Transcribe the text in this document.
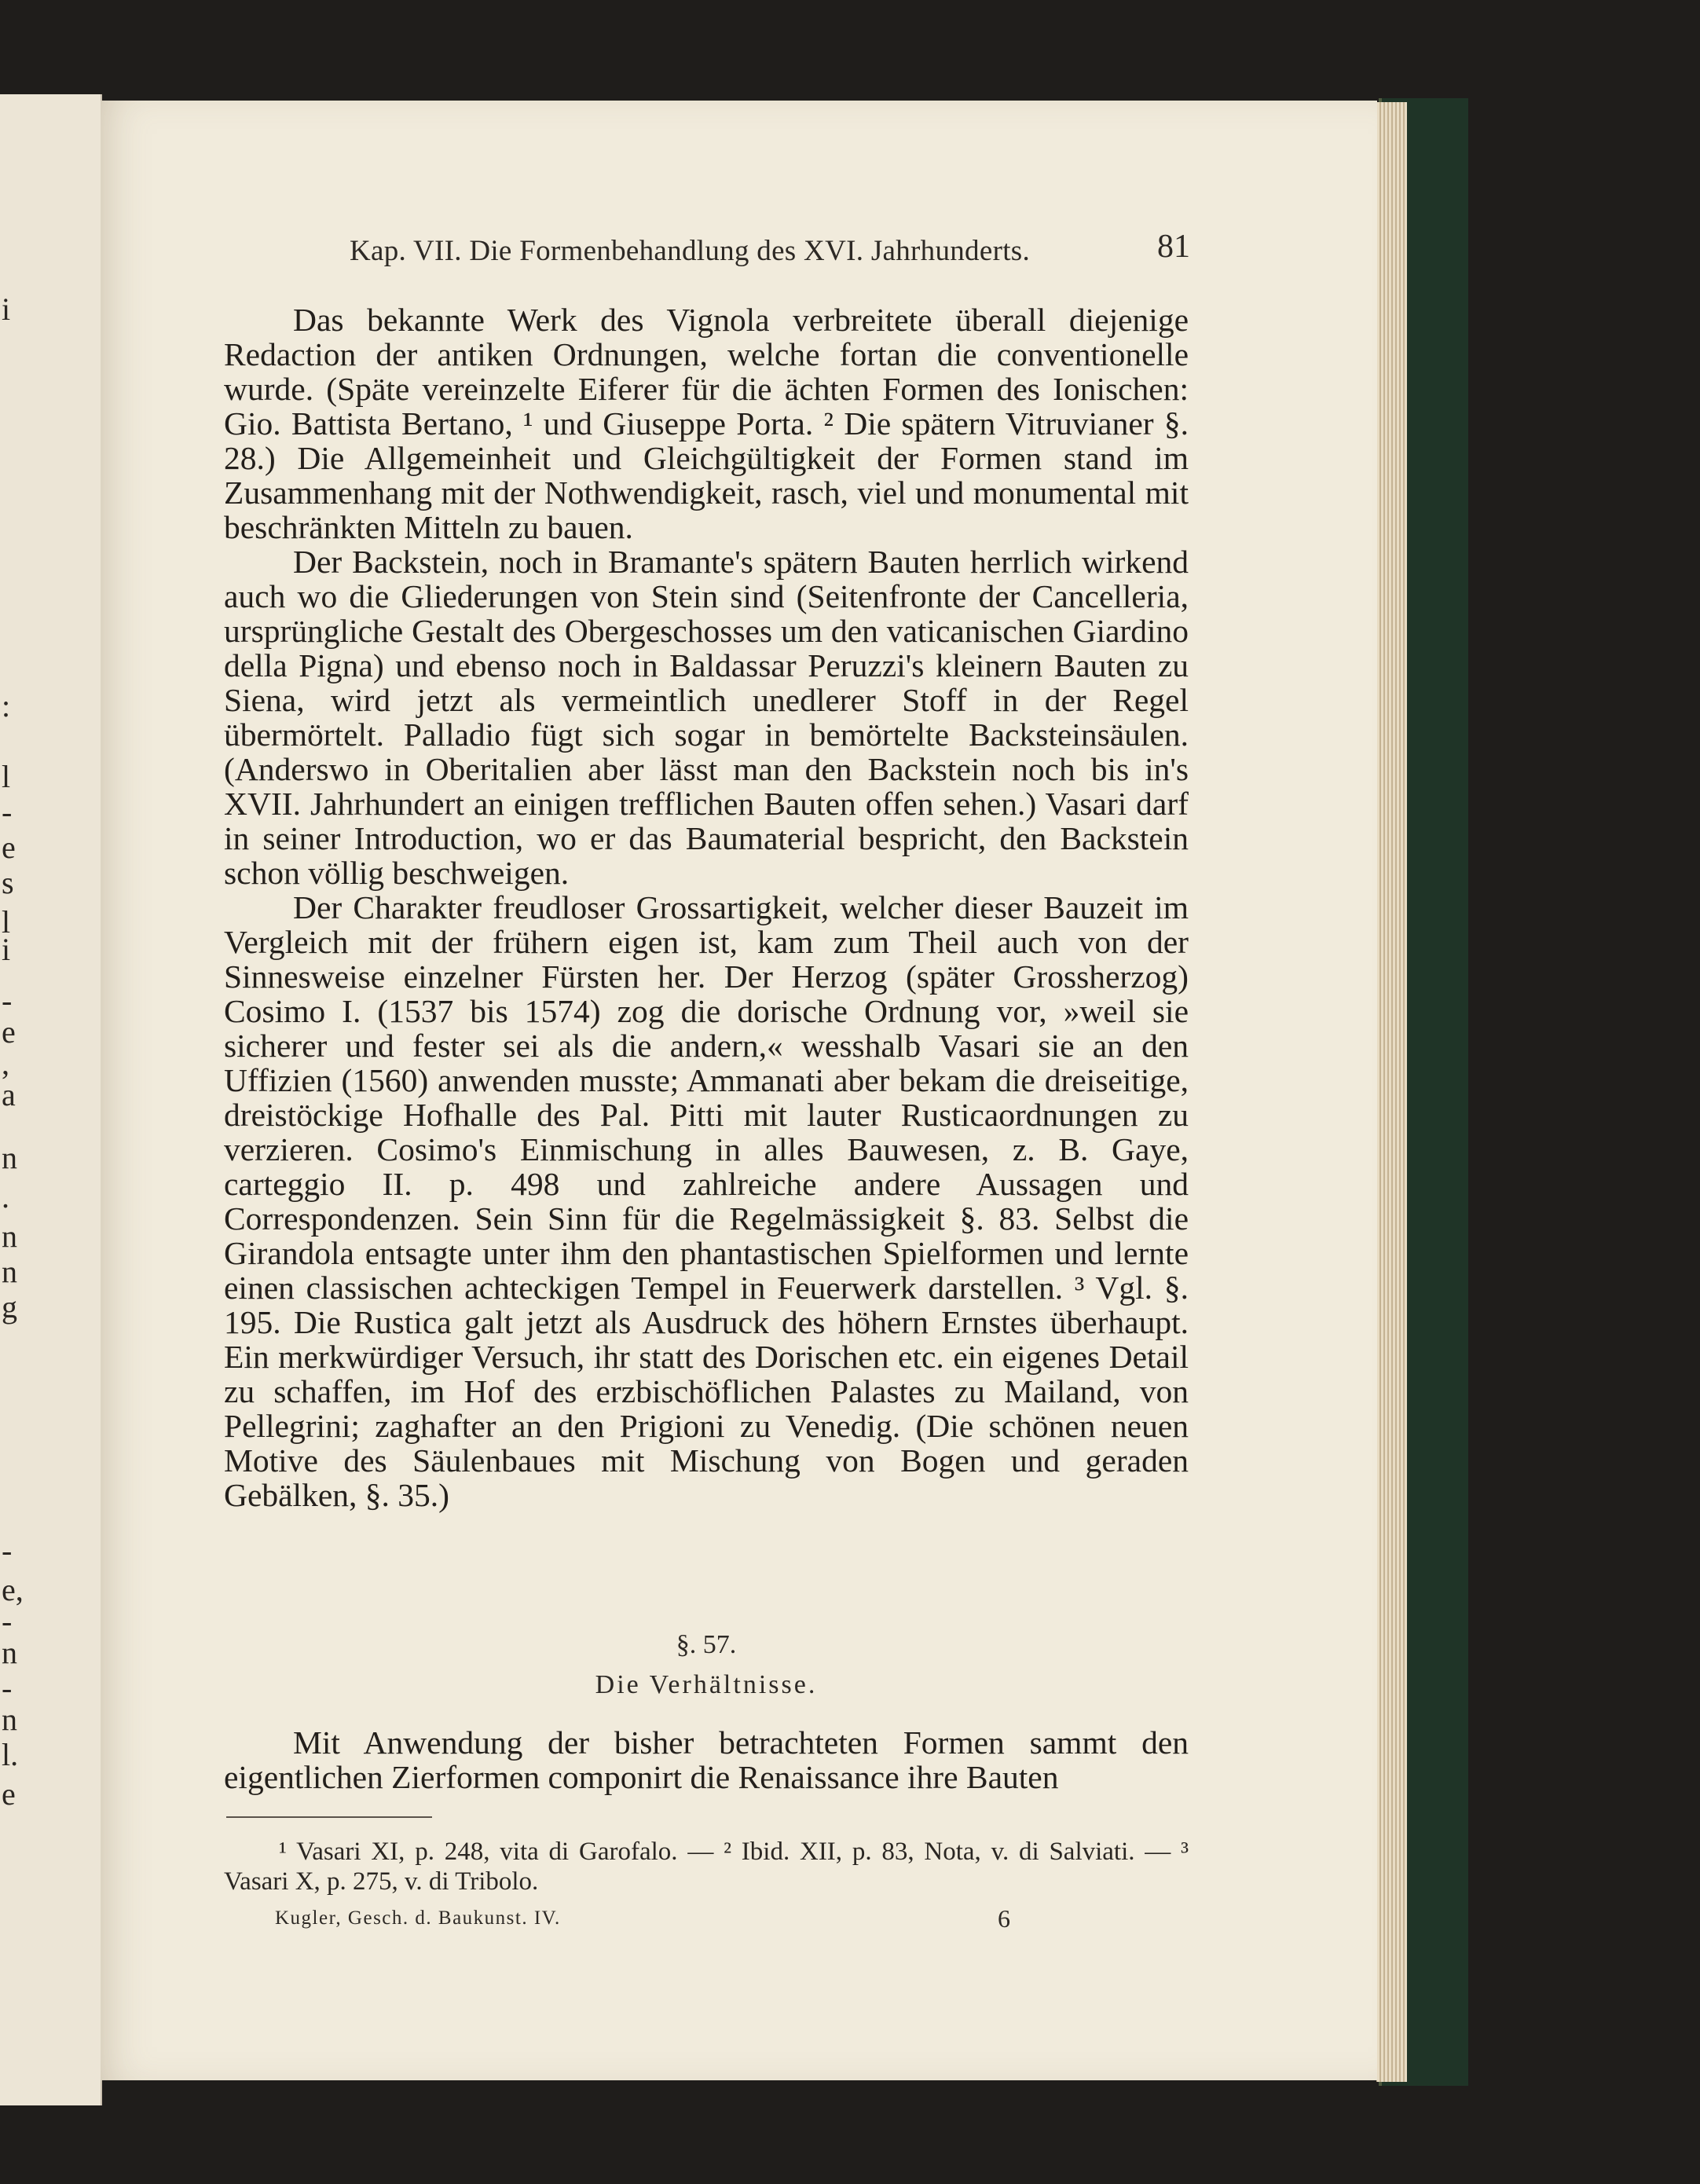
i
:
l
-
e
s
l
i
-
e
,
a
n
.
n
n
g
-
e,
-
n
-
n
l.
e
Kap. VII. Die Formenbehandlung des XVI. Jahrhunderts.	81

Das bekannte Werk des Vignola verbreitete überall diejenige Redaction der antiken Ordnungen, welche fortan die conventionelle wurde. (Späte vereinzelte Eiferer für die ächten Formen des Ionischen: Gio. Battista Bertano, ¹ und Giuseppe Porta. ² Die spätern Vitruvianer §. 28.) Die Allgemeinheit und Gleichgültigkeit der Formen stand im Zusammenhang mit der Nothwendigkeit, rasch, viel und monumental mit beschränkten Mitteln zu bauen.

Der Backstein, noch in Bramante's spätern Bauten herrlich wirkend auch wo die Gliederungen von Stein sind (Seitenfronte der Cancelleria, ursprüngliche Gestalt des Obergeschosses um den vaticanischen Giardino della Pigna) und ebenso noch in Baldassar Peruzzi's kleinern Bauten zu Siena, wird jetzt als vermeintlich unedlerer Stoff in der Regel übermörtelt. Palladio fügt sich sogar in bemörtelte Backsteinsäulen. (Anderswo in Oberitalien aber lässt man den Backstein noch bis in's XVII. Jahrhundert an einigen trefflichen Bauten offen sehen.) Vasari darf in seiner Introduction, wo er das Baumaterial bespricht, den Backstein schon völlig beschweigen.

Der Charakter freudloser Grossartigkeit, welcher dieser Bauzeit im Vergleich mit der frühern eigen ist, kam zum Theil auch von der Sinnesweise einzelner Fürsten her. Der Herzog (später Grossherzog) Cosimo I. (1537 bis 1574) zog die dorische Ordnung vor, »weil sie sicherer und fester sei als die andern,« wesshalb Vasari sie an den Uffizien (1560) anwenden musste; Ammanati aber bekam die dreiseitige, dreistöckige Hofhalle des Pal. Pitti mit lauter Rusticaordnungen zu verzieren. Cosimo's Einmischung in alles Bauwesen, z. B. Gaye, carteggio II. p. 498 und zahlreiche andere Aussagen und Correspondenzen. Sein Sinn für die Regelmässigkeit §. 83. Selbst die Girandola entsagte unter ihm den phantastischen Spielformen und lernte einen classischen achteckigen Tempel in Feuerwerk darstellen. ³ Vgl. §. 195. Die Rustica galt jetzt als Ausdruck des höhern Ernstes überhaupt. Ein merkwürdiger Versuch, ihr statt des Dorischen etc. ein eigenes Detail zu schaffen, im Hof des erzbischöflichen Palastes zu Mailand, von Pellegrini; zaghafter an den Prigioni zu Venedig. (Die schönen neuen Motive des Säulenbaues mit Mischung von Bogen und geraden Gebälken, §. 35.)

§. 57.
Die Verhältnisse.

Mit Anwendung der bisher betrachteten Formen sammt den eigentlichen Zierformen componirt die Renaissance ihre Bauten

¹ Vasari XI, p. 248, vita di Garofalo. — ² Ibid. XII, p. 83, Nota, v. di Salviati. — ³ Vasari X, p. 275, v. di Tribolo.

Kugler, Gesch. d. Baukunst. IV.	6
